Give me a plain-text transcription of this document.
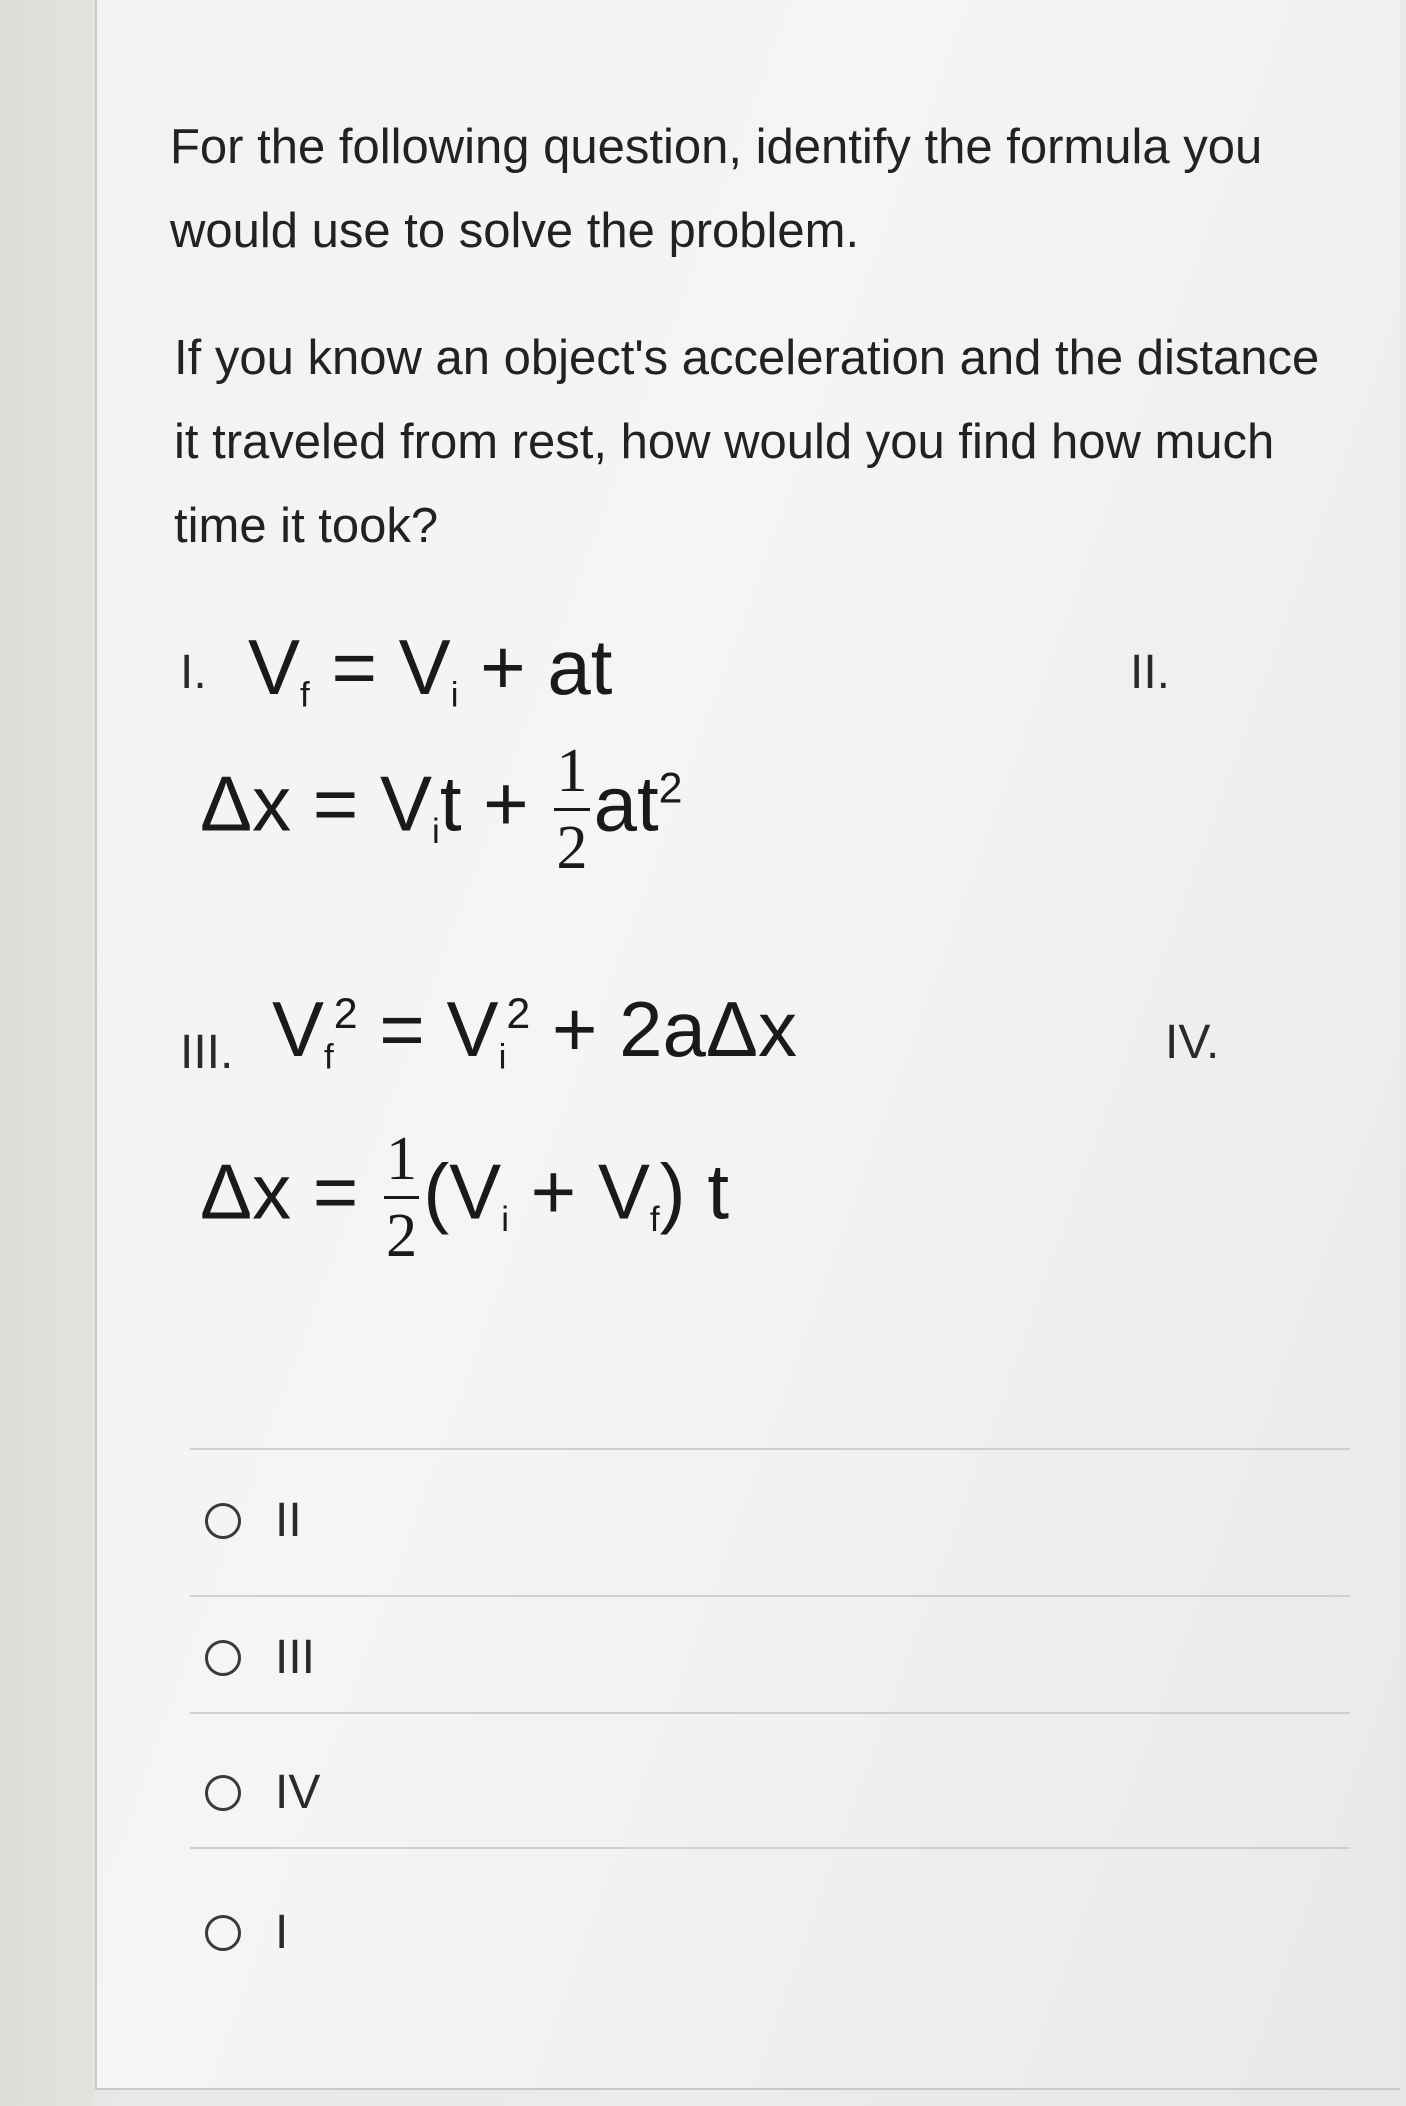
For the following question, identify the formula you would use to solve the problem.

If you know an object's acceleration and the distance it traveled from rest, how would you find how much time it took?

I. $V_f = V_i$ + at	II.
$\Delta x = V_it + \frac{1}{2} at^2$
III. $V_f^2 = V_i^2 + 2a\Delta x$	IV.
$\Delta x = \frac{1}{2} (V_i + V_f)$ t
II
III
IV
I
